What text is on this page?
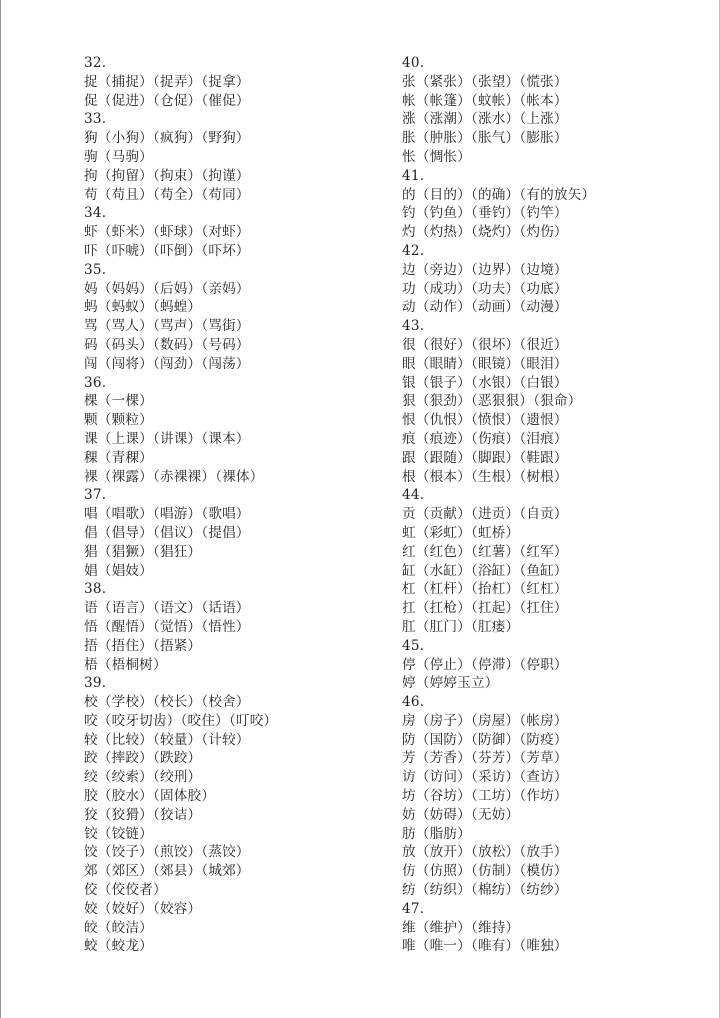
32.
捉（捕捉）（捉弄）（捉拿）
促（促进）（仓促）（催促）
33.
狗（小狗）（疯狗）（野狗）
驹（马驹）
拘（拘留）（拘束）（拘谨）
苟（苟且）（苟全）（苟同）
34.
虾（虾米）（虾球）（对虾）
吓（吓唬）（吓倒）（吓坏）
35.
妈（妈妈）（后妈）（亲妈）
蚂（蚂蚁）（蚂蝗）
骂（骂人）（骂声）（骂街）
码（码头）（数码）（号码）
闯（闯将）（闯劲）（闯荡）
36.
棵（一棵）
颗（颗粒）
课（上课）（讲课）（课本）
稞（青稞）
裸（裸露）（赤裸裸）（裸体）
37.
唱（唱歌）（唱游）（歌唱）
倡（倡导）（倡议）（提倡）
猖（猖獗）（猖狂）
娼（娼妓）
38.
语（语言）（语文）（话语）
悟（醒悟）（觉悟）（悟性）
捂（捂住）（捂紧）
梧（梧桐树）
39.
校（学校）（校长）（校舍）
咬（咬牙切齿）（咬住）（叮咬）
较（比较）（较量）（计较）
跤（摔跤）（跌跤）
绞（绞索）（绞刑）
胶（胶水）（固体胶）
狡（狡猾）（狡诘）
铰（铰链）
饺（饺子）（煎饺）（蒸饺）
郊（郊区）（郊县）（城郊）
佼（佼佼者）
姣（姣好）（姣容）
皎（皎洁）
蛟（蛟龙）
40.
张（紧张）（张望）（慌张）
帐（帐篷）（蚊帐）（帐本）
涨（涨潮）（涨水）（上涨）
胀（肿胀）（胀气）（膨胀）
怅（惆怅）
41.
的（目的）（的确）（有的放矢）
钓（钓鱼）（垂钓）（钓竿）
灼（灼热）（烧灼）（灼伤）
42.
边（旁边）（边界）（边境）
功（成功）（功夫）（功底）
动（动作）（动画）（动漫）
43.
很（很好）（很坏）（很近）
眼（眼睛）（眼镜）（眼泪）
银（银子）（水银）（白银）
狠（狠劲）（恶狠狠）（狠命）
恨（仇恨）（愤恨）（遗恨）
痕（痕迹）（伤痕）（泪痕）
跟（跟随）（脚跟）（鞋跟）
根（根本）（生根）（树根）
44.
贡（贡献）（进贡）（自贡）
虹（彩虹）（虹桥）
红（红色）（红薯）（红军）
缸（水缸）（浴缸）（鱼缸）
杠（杠杆）（抬杠）（红杠）
扛（扛枪）（扛起）（扛住）
肛（肛门）（肛瘘）
45.
停（停止）（停滞）（停职）
婷（婷婷玉立）
46.
房（房子）（房屋）（帐房）
防（国防）（防御）（防疫）
芳（芳香）（芬芳）（芳草）
访（访问）（采访）（查访）
坊（谷坊）（工坊）（作坊）
妨（妨碍）（无妨）
肪（脂肪）
放（放开）（放松）（放手）
仿（仿照）（仿制）（模仿）
纺（纺织）（棉纺）（纺纱）
47.
维（维护）（维持）
唯（唯一）（唯有）（唯独）
